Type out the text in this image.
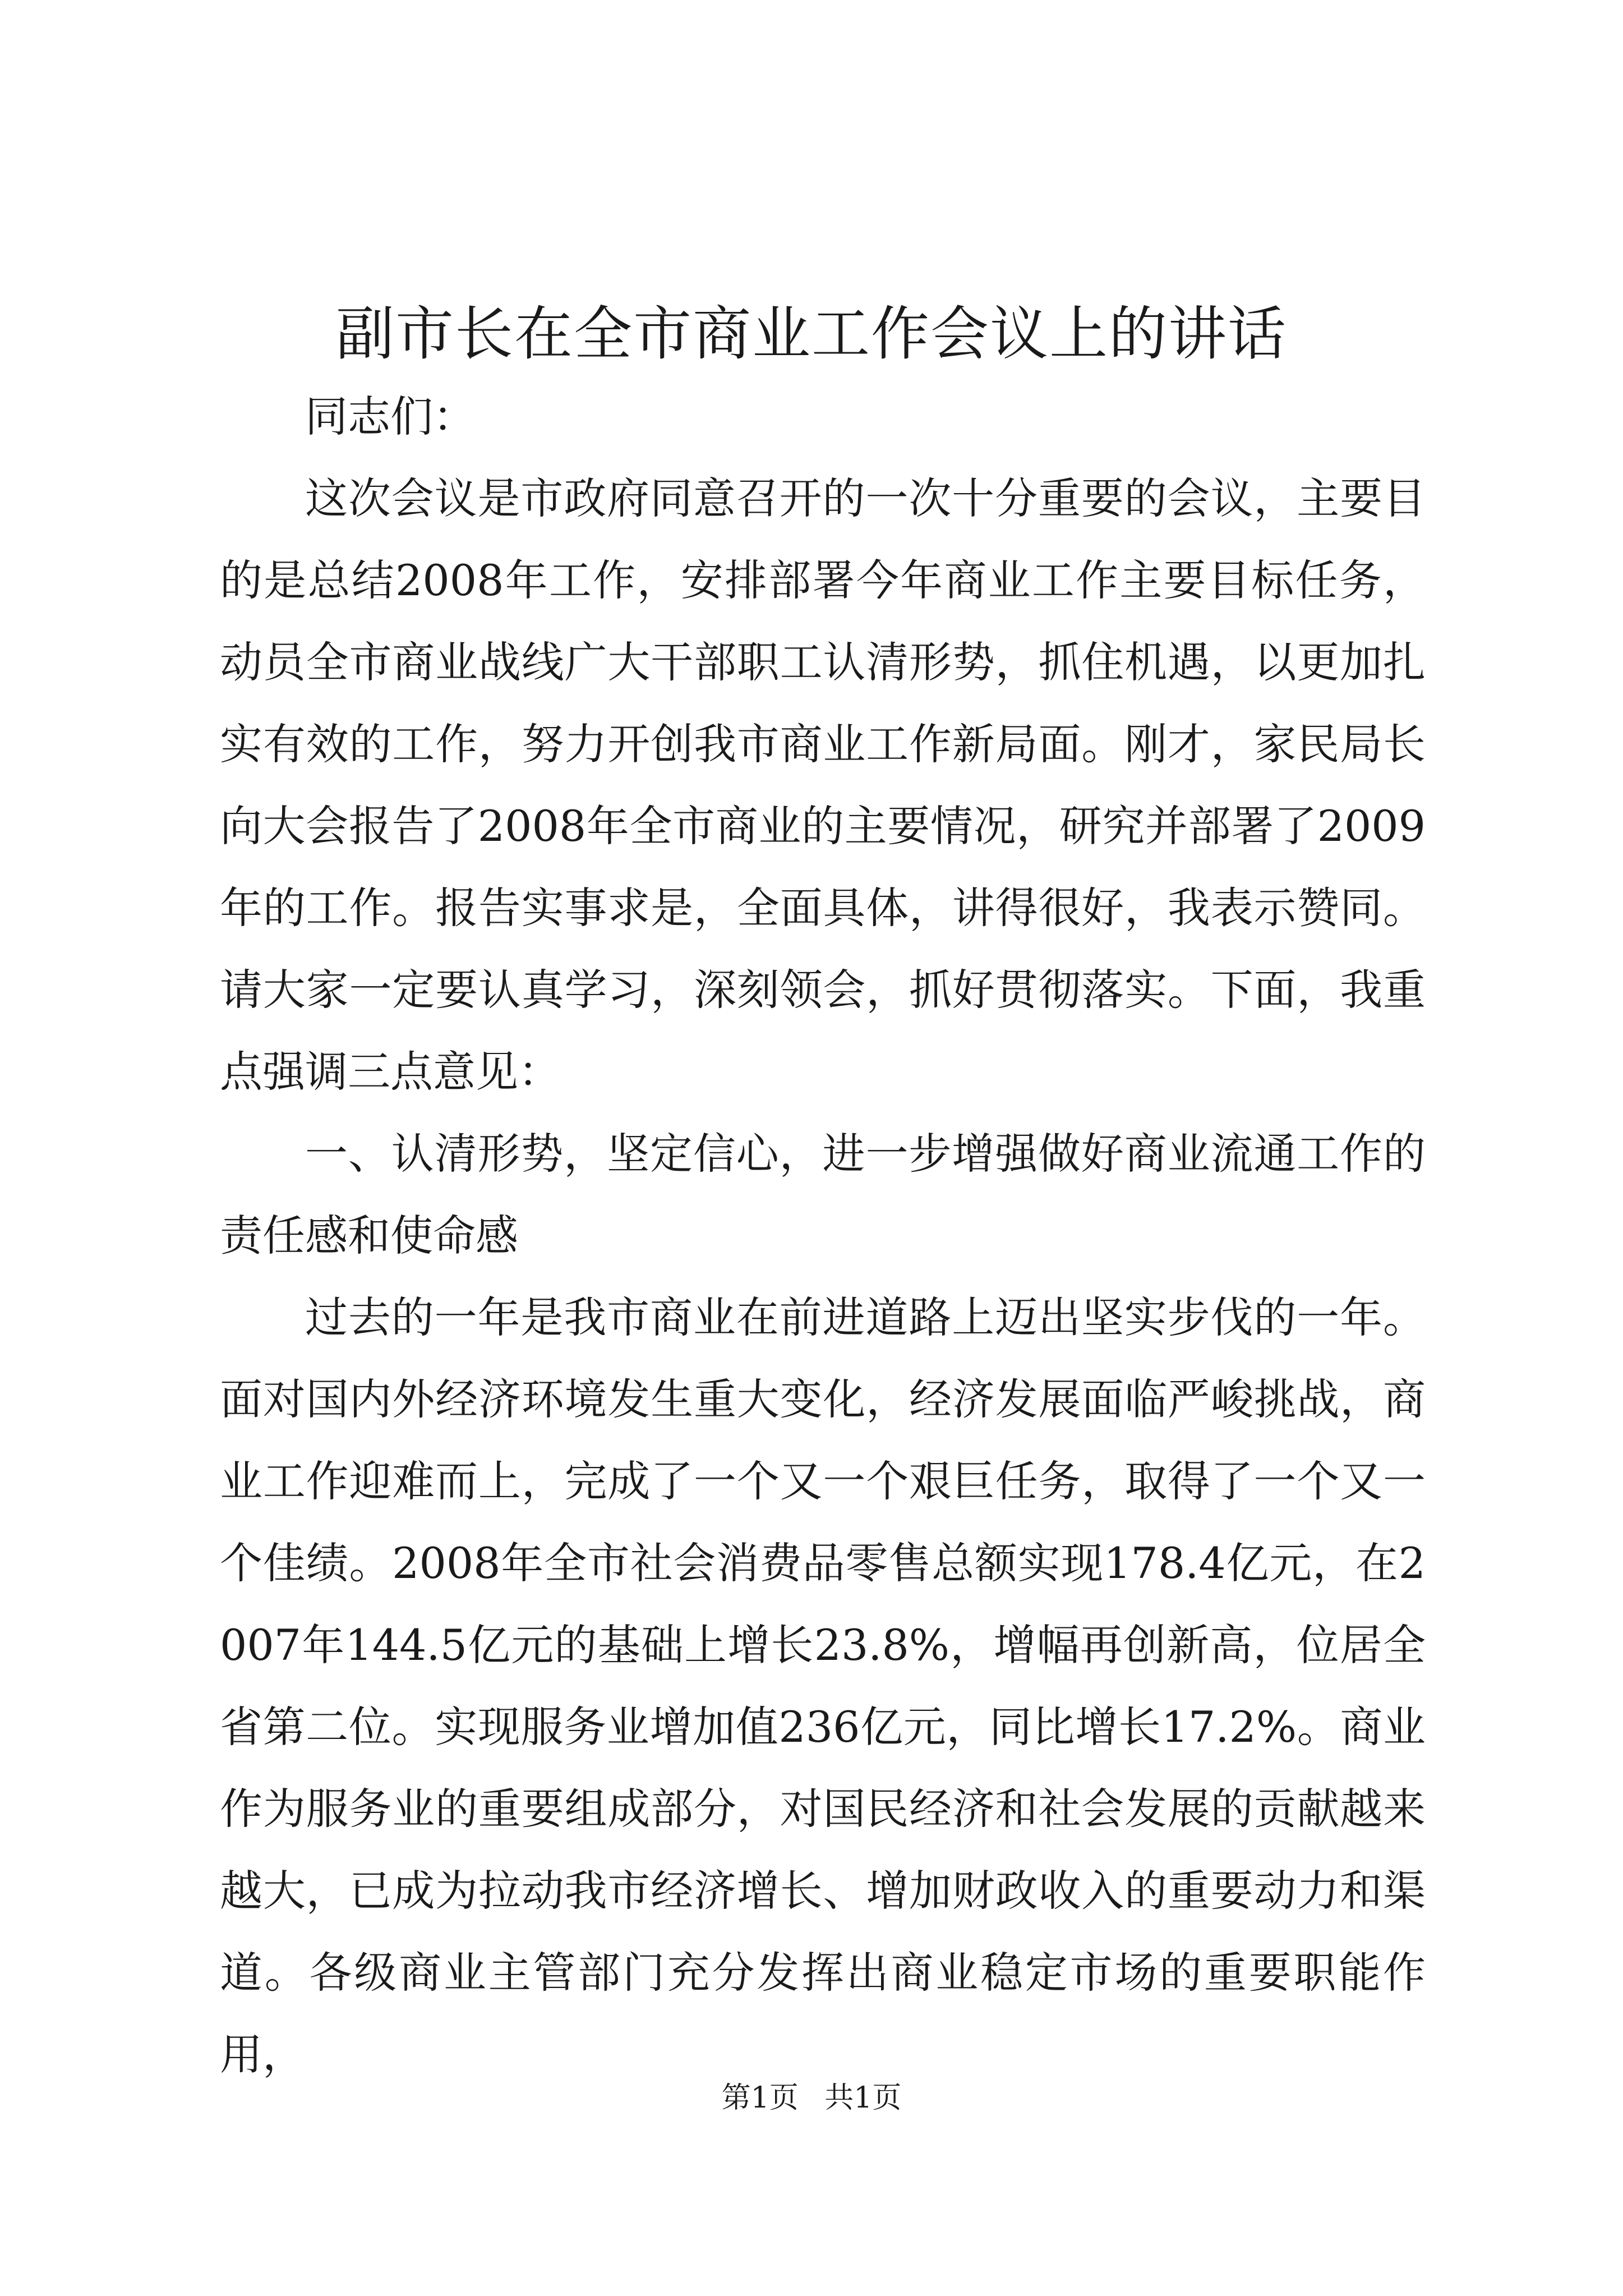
副市长在全市商业工作会议上的讲话

同志们：

这次会议是市政府同意召开的一次十分重要的会议，主要目的是总结2008年工作，安排部署今年商业工作主要目标任务，动员全市商业战线广大干部职工认清形势，抓住机遇，以更加扎实有效的工作，努力开创我市商业工作新局面。刚才，家民局长向大会报告了2008年全市商业的主要情况，研究并部署了2009年的工作。报告实事求是，全面具体，讲得很好，我表示赞同。请大家一定要认真学习，深刻领会，抓好贯彻落实。下面，我重点强调三点意见：

一、认清形势，坚定信心，进一步增强做好商业流通工作的责任感和使命感

过去的一年是我市商业在前进道路上迈出坚实步伐的一年。面对国内外经济环境发生重大变化，经济发展面临严峻挑战，商业工作迎难而上，完成了一个又一个艰巨任务，取得了一个又一个佳绩。2008年全市社会消费品零售总额实现178.4亿元，在2007年144.5亿元的基础上增长23.8%，增幅再创新高，位居全省第二位。实现服务业增加值236亿元，同比增长17.2%。商业作为服务业的重要组成部分，对国民经济和社会发展的贡献越来越大，已成为拉动我市经济增长、增加财政收入的重要动力和渠道。各级商业主管部门充分发挥出商业稳定市场的重要职能作用，

第1页 共1页
